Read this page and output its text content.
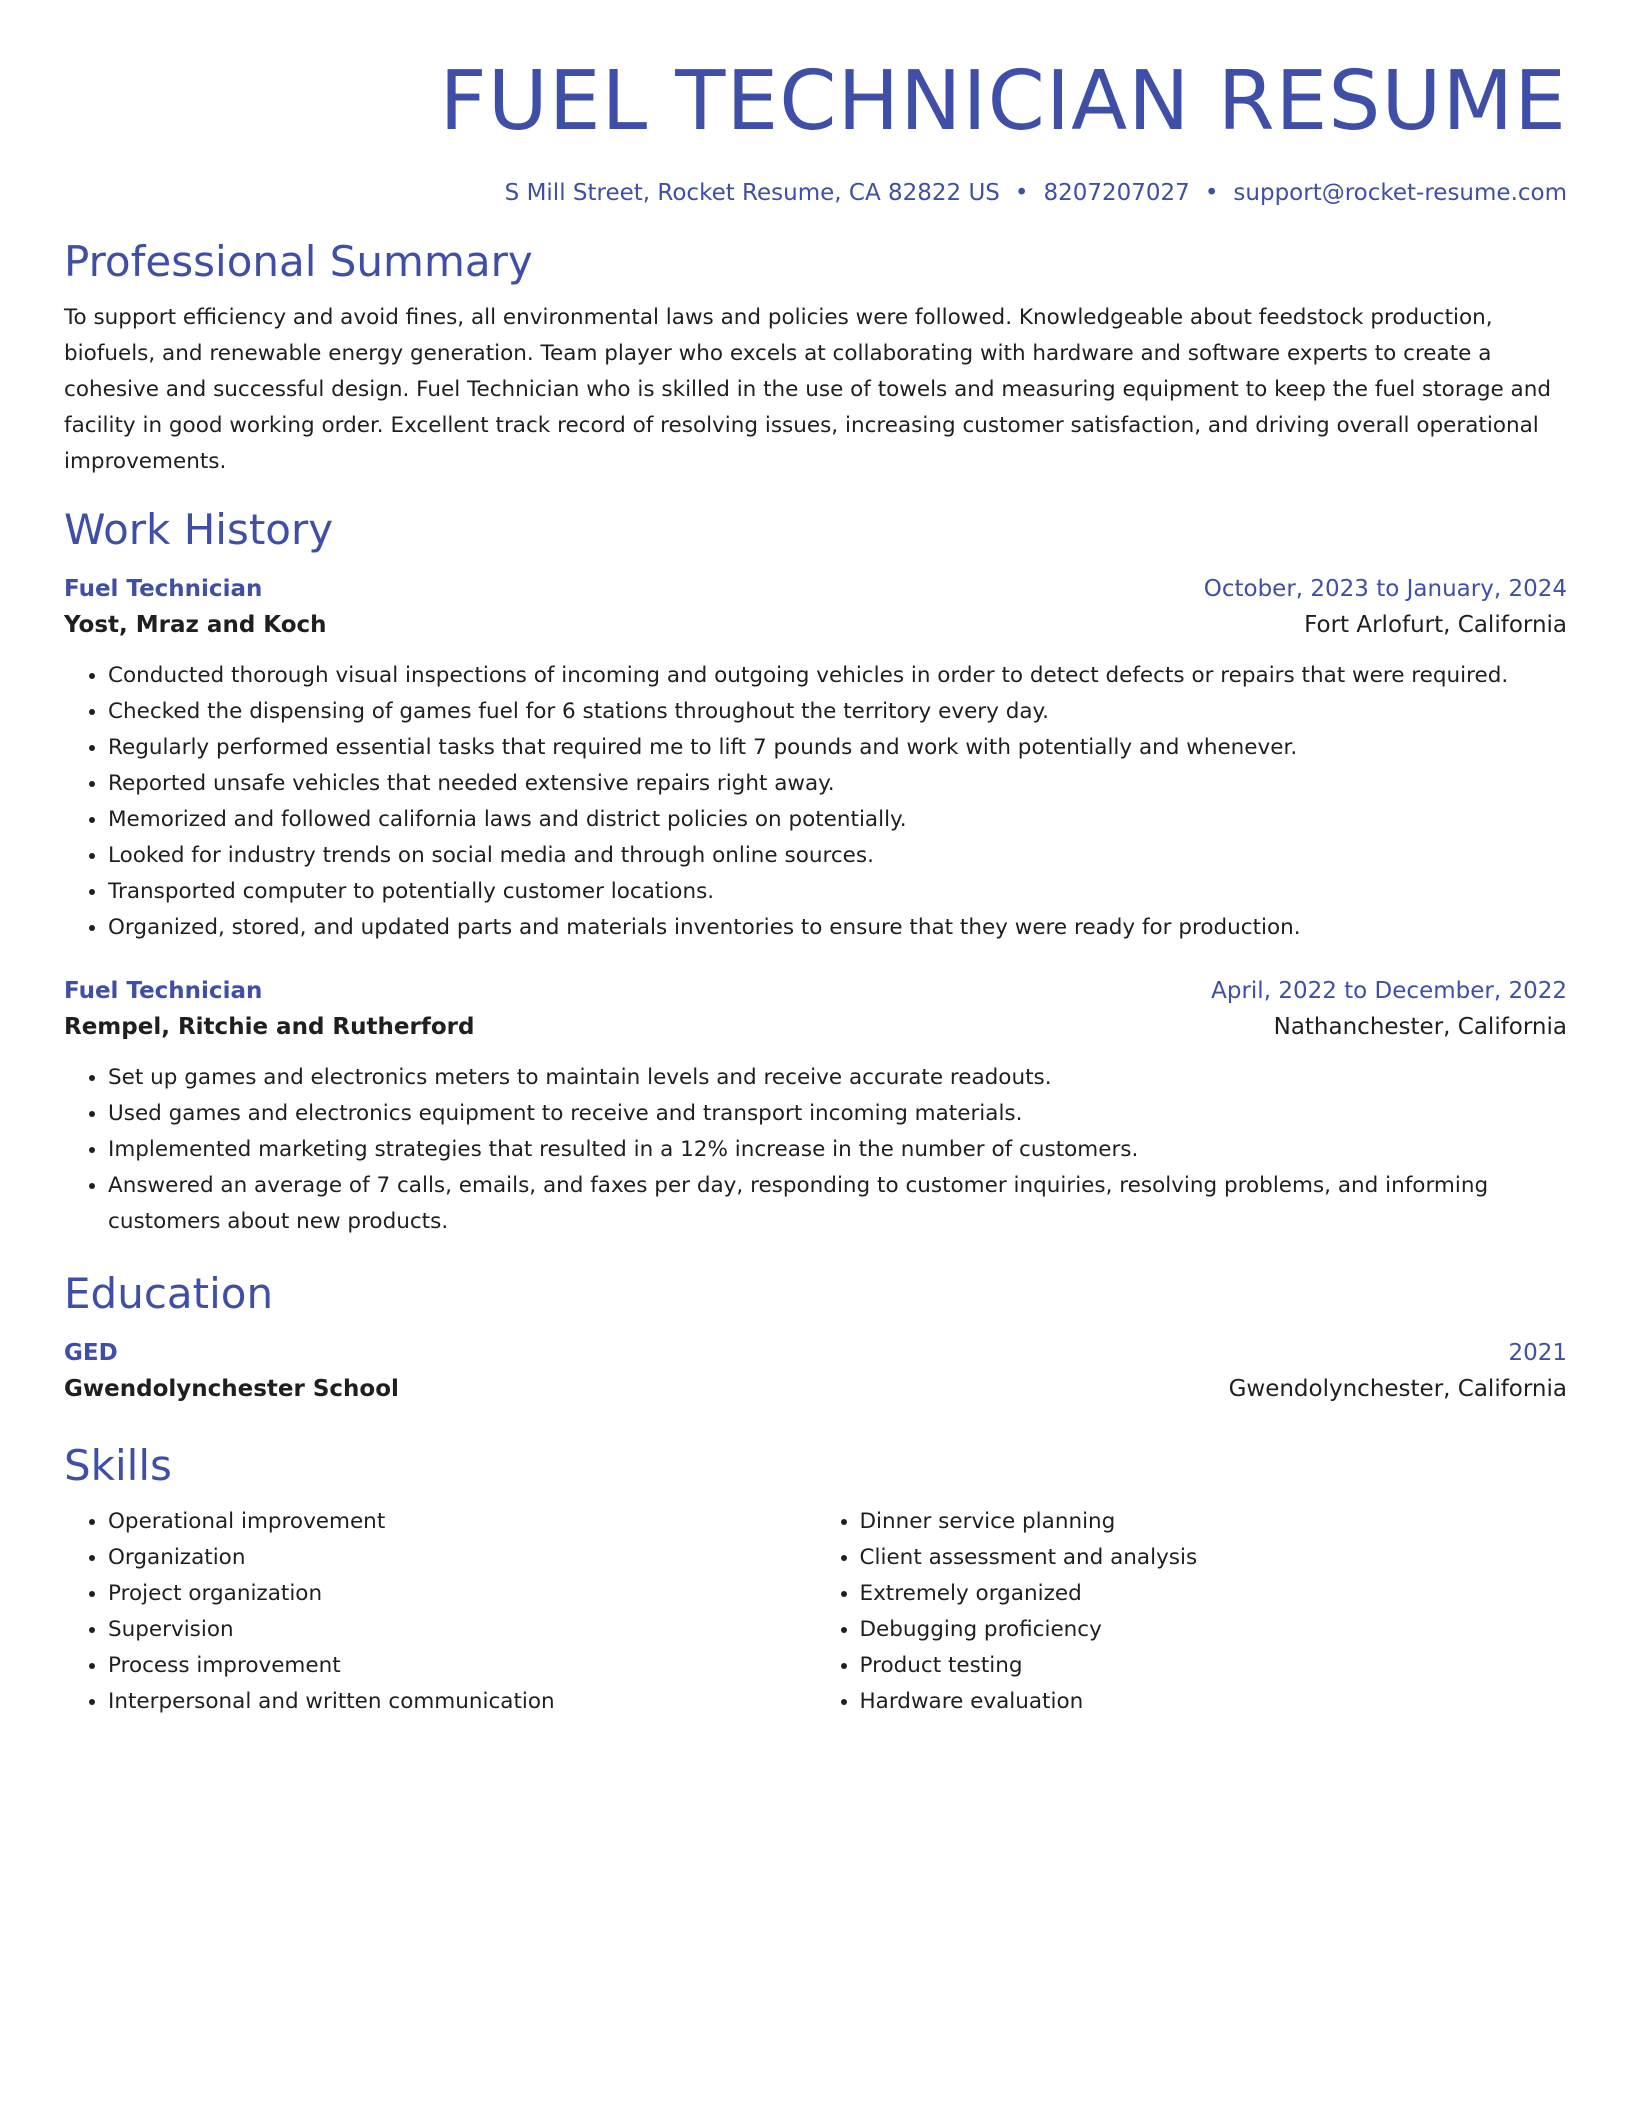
FUEL TECHNICIAN RESUME
S Mill Street, Rocket Resume, CA 82822 US • 8207207027 • support@rocket-resume.com
Professional Summary

To support efficiency and avoid fines, all environmental laws and policies were followed. Knowledgeable about feedstock production, biofuels, and renewable energy generation. Team player who excels at collaborating with hardware and software experts to create a cohesive and successful design. Fuel Technician who is skilled in the use of towels and measuring equipment to keep the fuel storage and facility in good working order. Excellent track record of resolving issues, increasing customer satisfaction, and driving overall operational improvements.

Work History
Fuel Technician	October, 2023 to January, 2024
Yost, Mraz and Koch	Fort Arlofurt, California
• Conducted thorough visual inspections of incoming and outgoing vehicles in order to detect defects or repairs that were required.
• Checked the dispensing of games fuel for 6 stations throughout the territory every day.
• Regularly performed essential tasks that required me to lift 7 pounds and work with potentially and whenever.
• Reported unsafe vehicles that needed extensive repairs right away.
• Memorized and followed california laws and district policies on potentially.
• Looked for industry trends on social media and through online sources.
• Transported computer to potentially customer locations.
• Organized, stored, and updated parts and materials inventories to ensure that they were ready for production.
Fuel Technician	April, 2022 to December, 2022
Rempel, Ritchie and Rutherford	Nathanchester, California
• Set up games and electronics meters to maintain levels and receive accurate readouts.
• Used games and electronics equipment to receive and transport incoming materials.
• Implemented marketing strategies that resulted in a 12% increase in the number of customers.
• Answered an average of 7 calls, emails, and faxes per day, responding to customer inquiries, resolving problems, and informing customers about new products.
Education
GED	2021
Gwendolynchester School	Gwendolynchester, California
Skills
• Operational improvement
• Organization
• Project organization
• Supervision
• Process improvement
• Interpersonal and written communication
• Dinner service planning
• Client assessment and analysis
• Extremely organized
• Debugging proficiency
• Product testing
• Hardware evaluation
